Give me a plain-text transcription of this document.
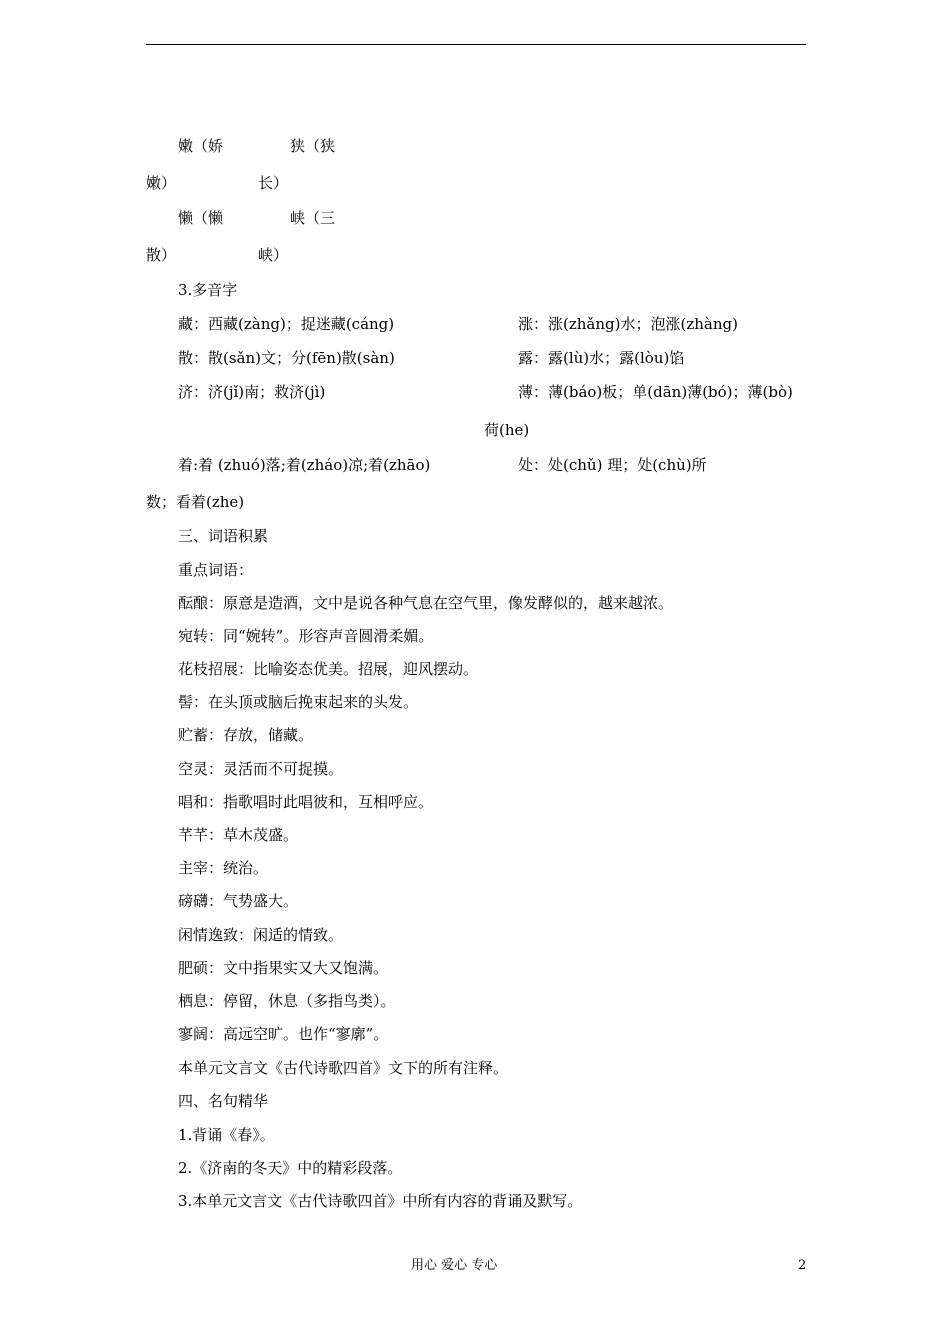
嫩（娇	狭（狭
嫩）	长）
懒（懒	峡（三
散）	峡）
3.多音字
藏：西藏(zàng)；捉迷藏(cáng)	涨：涨(zhǎng)水；泡涨(zhàng)
散：散(sǎn)文；分(fēn)散(sàn)	露：露(lù)水；露(lòu)馅
济：济(jǐ)南；救济(jì)	薄：薄(báo)板；单(dān)薄(bó)；薄(bò)
荷(he)
着:着 (zhuó)落;着(zháo)凉;着(zhāo)	处：处(chǔ) 理；处(chù)所
数；看着(zhe)
三、词语积累
重点词语：
酝酿：原意是造酒，文中是说各种气息在空气里，像发酵似的，越来越浓。
宛转：同“婉转”。形容声音圆滑柔媚。
花枝招展：比喻姿态优美。招展，迎风摆动。
髻：在头顶或脑后挽束起来的头发。
贮蓄：存放，储藏。
空灵：灵活而不可捉摸。
唱和：指歌唱时此唱彼和，互相呼应。
芊芊：草木茂盛。
主宰：统治。
磅礴：气势盛大。
闲情逸致：闲适的情致。
肥硕：文中指果实又大又饱满。
栖息：停留，休息（多指鸟类）。
寥阔：高远空旷。也作“寥廓”。
本单元文言文《古代诗歌四首》文下的所有注释。
四、名句精华
1.背诵《春》。
2.《济南的冬天》中的精彩段落。
3.本单元文言文《古代诗歌四首》中所有内容的背诵及默写。
用心 爱心 专心	2
